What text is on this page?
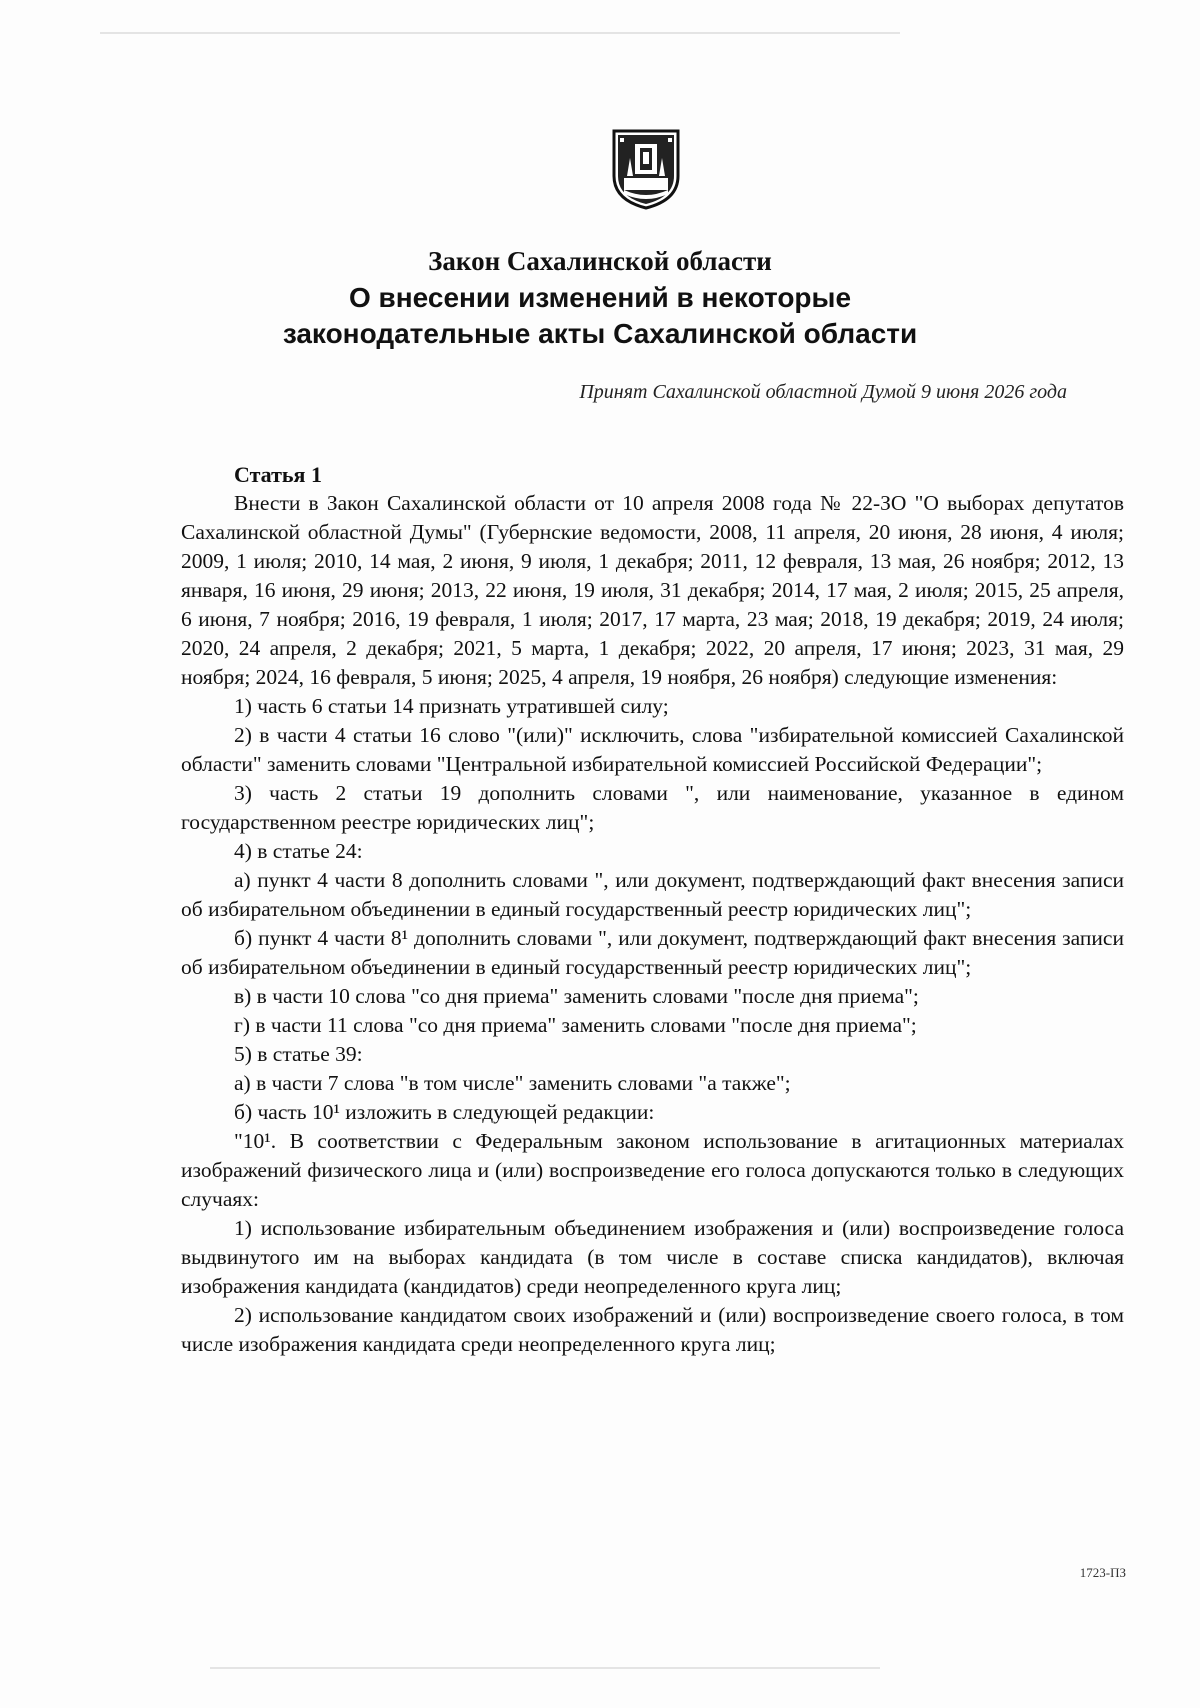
Закон Сахалинской области
О внесении изменений в некоторые
законодательные акты Сахалинской области
Принят Сахалинской областной Думой 9 июня 2026 года

Статья 1

Внести в Закон Сахалинской области от 10 апреля 2008 года № 22-ЗО "О выборах депутатов Сахалинской областной Думы" (Губернские ведомости, 2008, 11 апреля, 20 июня, 28 июня, 4 июля; 2009, 1 июля; 2010, 14 мая, 2 июня, 9 июля, 1 декабря; 2011, 12 февраля, 13 мая, 26 ноября; 2012, 13 января, 16 июня, 29 июня; 2013, 22 июня, 19 июля, 31 декабря; 2014, 17 мая, 2 июля; 2015, 25 апреля, 6 июня, 7 ноября; 2016, 19 февраля, 1 июля; 2017, 17 марта, 23 мая; 2018, 19 декабря; 2019, 24 июля; 2020, 24 апреля, 2 декабря; 2021, 5 марта, 1 декабря; 2022, 20 апреля, 17 июня; 2023, 31 мая, 29 ноября; 2024, 16 февраля, 5 июня; 2025, 4 апреля, 19 ноября, 26 ноября) следующие изменения:

1) часть 6 статьи 14 признать утратившей силу;

2) в части 4 статьи 16 слово "(или)" исключить, слова "избирательной комиссией Сахалинской области" заменить словами "Центральной избирательной комиссией Российской Федерации";

3) часть 2 статьи 19 дополнить словами ", или наименование, указанное в едином государственном реестре юридических лиц";

4) в статье 24:

а) пункт 4 части 8 дополнить словами ", или документ, подтверждающий факт внесения записи об избирательном объединении в единый государственный реестр юридических лиц";

б) пункт 4 части 8¹ дополнить словами ", или документ, подтверждающий факт внесения записи об избирательном объединении в единый государственный реестр юридических лиц";

в) в части 10 слова "со дня приема" заменить словами "после дня приема";

г) в части 11 слова "со дня приема" заменить словами "после дня приема";

5) в статье 39:

а) в части 7 слова "в том числе" заменить словами "а также";

б) часть 10¹ изложить в следующей редакции:

"10¹. В соответствии с Федеральным законом использование в агитационных материалах изображений физического лица и (или) воспроизведение его голоса допускаются только в следующих случаях:

1) использование избирательным объединением изображения и (или) воспроизведение голоса выдвинутого им на выборах кандидата (в том числе в составе списка кандидатов), включая изображения кандидата (кандидатов) среди неопределенного круга лиц;

2) использование кандидатом своих изображений и (или) воспроизведение своего голоса, в том числе изображения кандидата среди неопределенного круга лиц;

1723-ПЗ
